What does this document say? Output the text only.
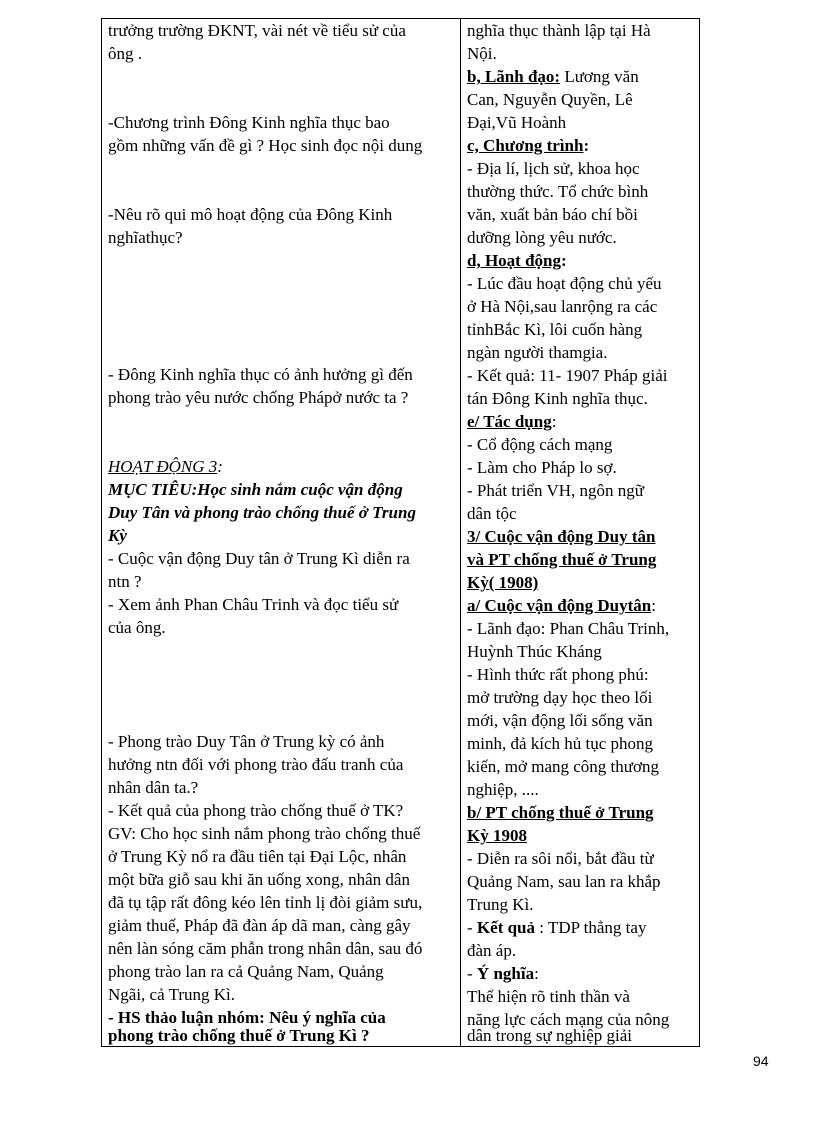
trưởng trường ĐKNT, vài nét về tiểu sử của
ông .
-Chương trình Đông Kinh nghĩa thục bao
gồm những vấn đề gì ? Học sinh đọc nội dung
-Nêu rõ qui mô hoạt động của Đông Kinh
nghĩathục?
- Đông Kinh nghĩa thục có ảnh hưởng gì đến
phong trào yêu nước chống Phápở nước ta ?
HOẠT ĐỘNG 3:
MỤC TIÊU:Học sinh nắm cuộc vận động
Duy Tân và phong trào chống thuế ở Trung
Kỳ
- Cuộc vận động Duy tân ở Trung Kì diễn ra
ntn ?
- Xem ảnh Phan Châu Trinh và đọc tiểu sử
của ông.
- Phong trào Duy Tân ở Trung kỳ có ảnh
hưởng ntn đối với phong trào đấu tranh của
nhân dân ta.?
- Kết quả của phong trào chống thuế ở TK?
GV: Cho học sinh nắm phong trào chống thuế
ở Trung Kỳ nổ ra đầu tiên tại Đại Lộc, nhân
một bữa giỗ sau khi ăn uống xong, nhân dân
đã tụ tập rất đông kéo lên tỉnh lị đòi giảm sưu,
giảm thuế, Pháp đã đàn áp dã man, càng gây
nên làn sóng căm phẫn trong nhân dân, sau đó
phong trào lan ra cả Quảng Nam, Quảng
Ngãi, cả Trung Kì.
- HS thảo luận nhóm: Nêu ý nghĩa của
phong trào chống thuế ở Trung Kì ?
nghĩa thục thành lập tại Hà
Nội.
b, Lãnh đạo: Lương văn
Can, Nguyễn Quyền, Lê
Đại,Vũ Hoành
c, Chương trình:
- Địa lí, lịch sử, khoa học
thường thức. Tổ chức bình
văn, xuất bản báo chí bồi
dưỡng lòng yêu nước.
d, Hoạt động:
- Lúc đầu hoạt động chủ yếu
ở Hà Nội,sau lanrộng ra các
tỉnhBắc Kì, lôi cuốn hàng
ngàn người thamgia.
- Kết quả: 11- 1907 Pháp giải
tán Đông Kinh nghĩa thục.
e/ Tác dụng:
- Cổ động cách mạng
- Làm cho Pháp lo sợ.
- Phát triển VH, ngôn ngữ
dân tộc
3/ Cuộc vận động Duy tân
và PT chống thuế ở Trung
Kỳ( 1908)
a/ Cuộc vận động Duytân:
- Lãnh đạo: Phan Châu Trinh,
Huỳnh Thúc Kháng
- Hình thức rất phong phú:
mở trường dạy học theo lối
mới, vận động lối sống văn
minh, đả kích hủ tục phong
kiến, mở mang công thương
nghiệp, ....
b/ PT chống thuế ở Trung
Kỳ 1908
- Diễn ra sôi nổi, bắt đầu từ
Quảng Nam, sau lan ra khắp
Trung Kì.
- Kết quả : TDP thẳng tay
đàn áp.
- Ý nghĩa:
Thể hiện rõ tinh thần và
năng lực cách mạng của nông
dân trong sự nghiệp giải
94
